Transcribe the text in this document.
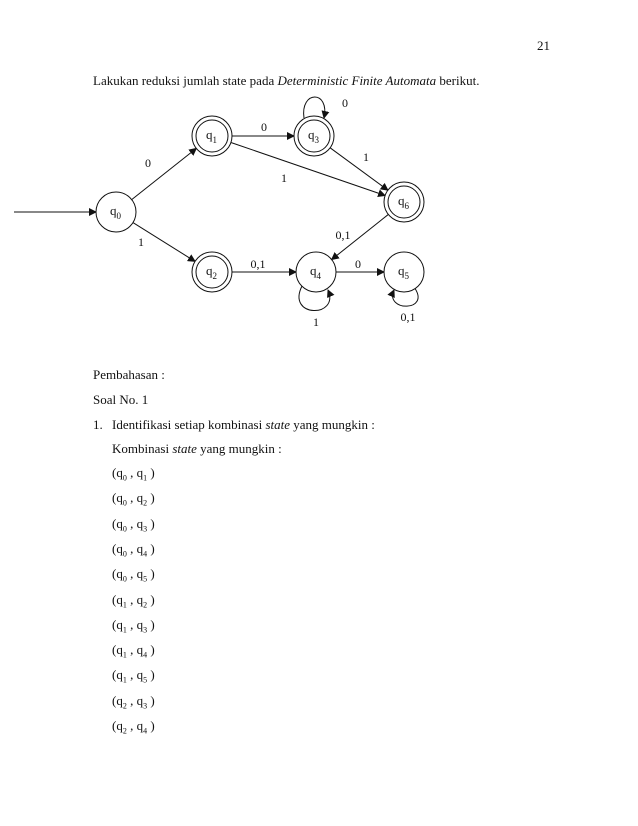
21
Lakukan reduksi jumlah state pada Deterministic Finite Automata berikut.
$q_0$
$q_1$
$q_2$
$q_3$
$q_4$	$q_5$
$q_6$
0
1
0
1
0
1
0,1
0,1
0
1	0,1
Pembahasan :
Soal No. 1
1. Identifikasi setiap kombinasi state yang mungkin :
Kombinasi state yang mungkin :
($q_0$ , $q_1$ )
($q_0$ , $q_2$ )
($q_0$ , $q_3$ )
($q_0$ , $q_4$ )
($q_0$ , $q_5$ )
($q_1$ , $q_2$ )
($q_1$ , $q_3$ )
($q_1$ , $q_4$ )
($q_1$ , $q_5$ )
($q_2$ , $q_3$ )
($q_2$ , $q_4$ )
